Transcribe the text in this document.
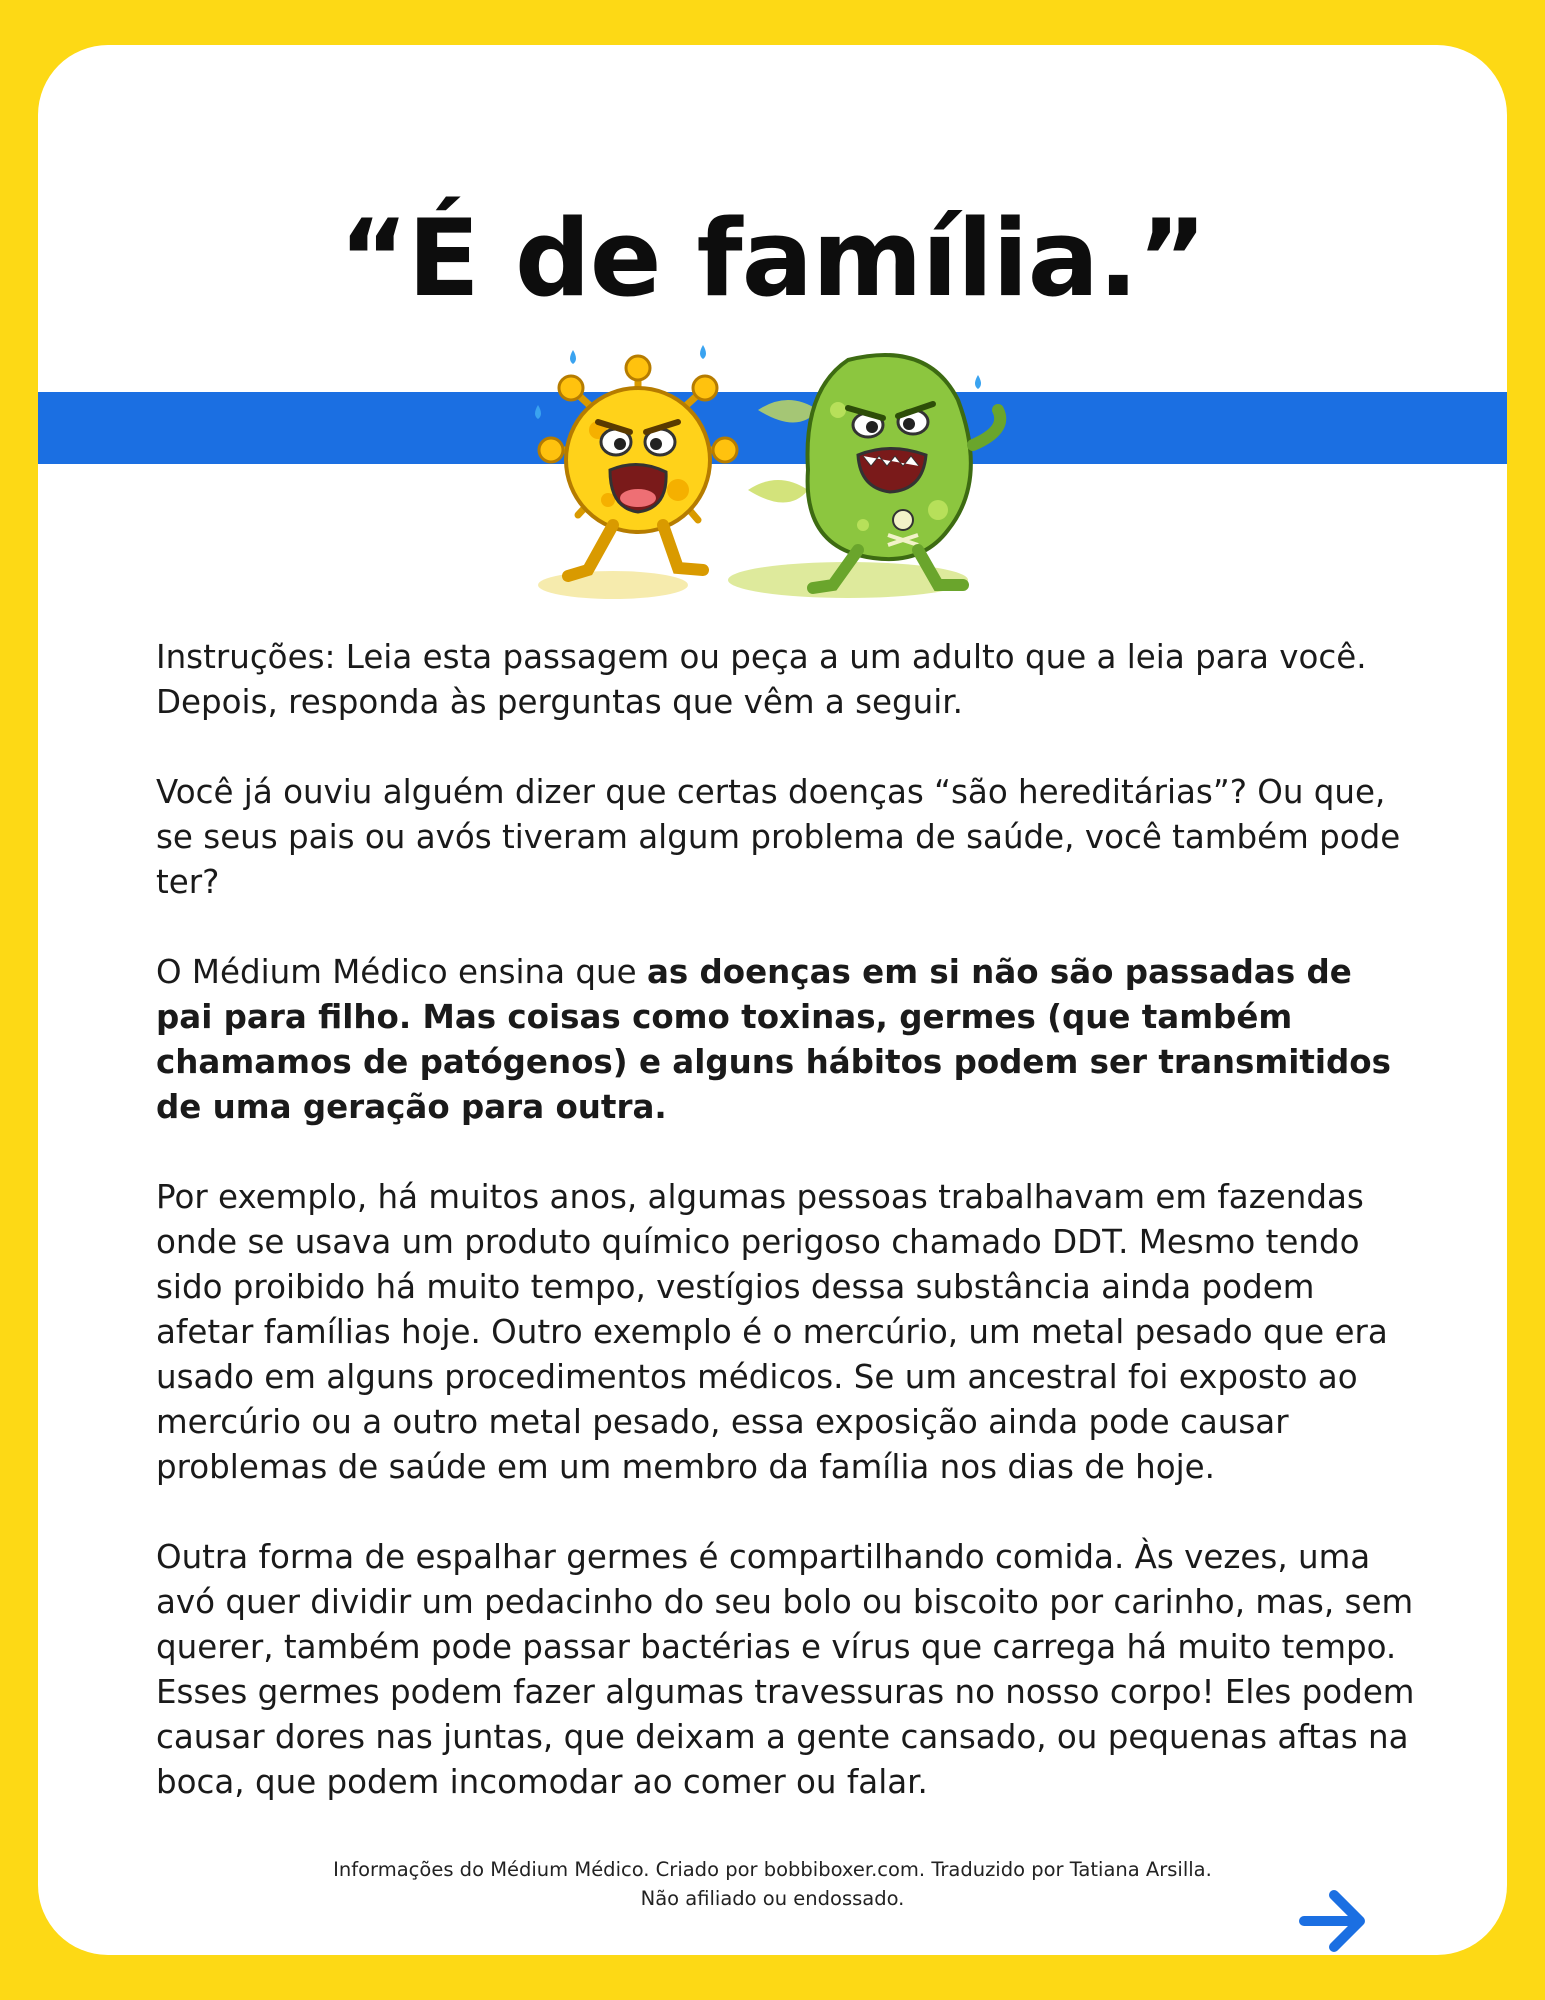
“É de família.”

Instruções: Leia esta passagem ou peça a um adulto que a leia para você. Depois, responda às perguntas que vêm a seguir.

Você já ouviu alguém dizer que certas doenças “são hereditárias”? Ou que, se seus pais ou avós tiveram algum problema de saúde, você também pode ter?

O Médium Médico ensina que as doenças em si não são passadas de pai para filho. Mas coisas como toxinas, germes (que também chamamos de patógenos) e alguns hábitos podem ser transmitidos de uma geração para outra.

Por exemplo, há muitos anos, algumas pessoas trabalhavam em fazendas onde se usava um produto químico perigoso chamado DDT. Mesmo tendo sido proibido há muito tempo, vestígios dessa substância ainda podem afetar famílias hoje. Outro exemplo é o mercúrio, um metal pesado que era usado em alguns procedimentos médicos. Se um ancestral foi exposto ao mercúrio ou a outro metal pesado, essa exposição ainda pode causar problemas de saúde em um membro da família nos dias de hoje.

Outra forma de espalhar germes é compartilhando comida. Às vezes, uma avó quer dividir um pedacinho do seu bolo ou biscoito por carinho, mas, sem querer, também pode passar bactérias e vírus que carrega há muito tempo. Esses germes podem fazer algumas travessuras no nosso corpo! Eles podem causar dores nas juntas, que deixam a gente cansado, ou pequenas aftas na boca, que podem incomodar ao comer ou falar.

Informações do Médium Médico. Criado por bobbiboxer.com. Traduzido por Tatiana Arsilla.
Não afiliado ou endossado.
